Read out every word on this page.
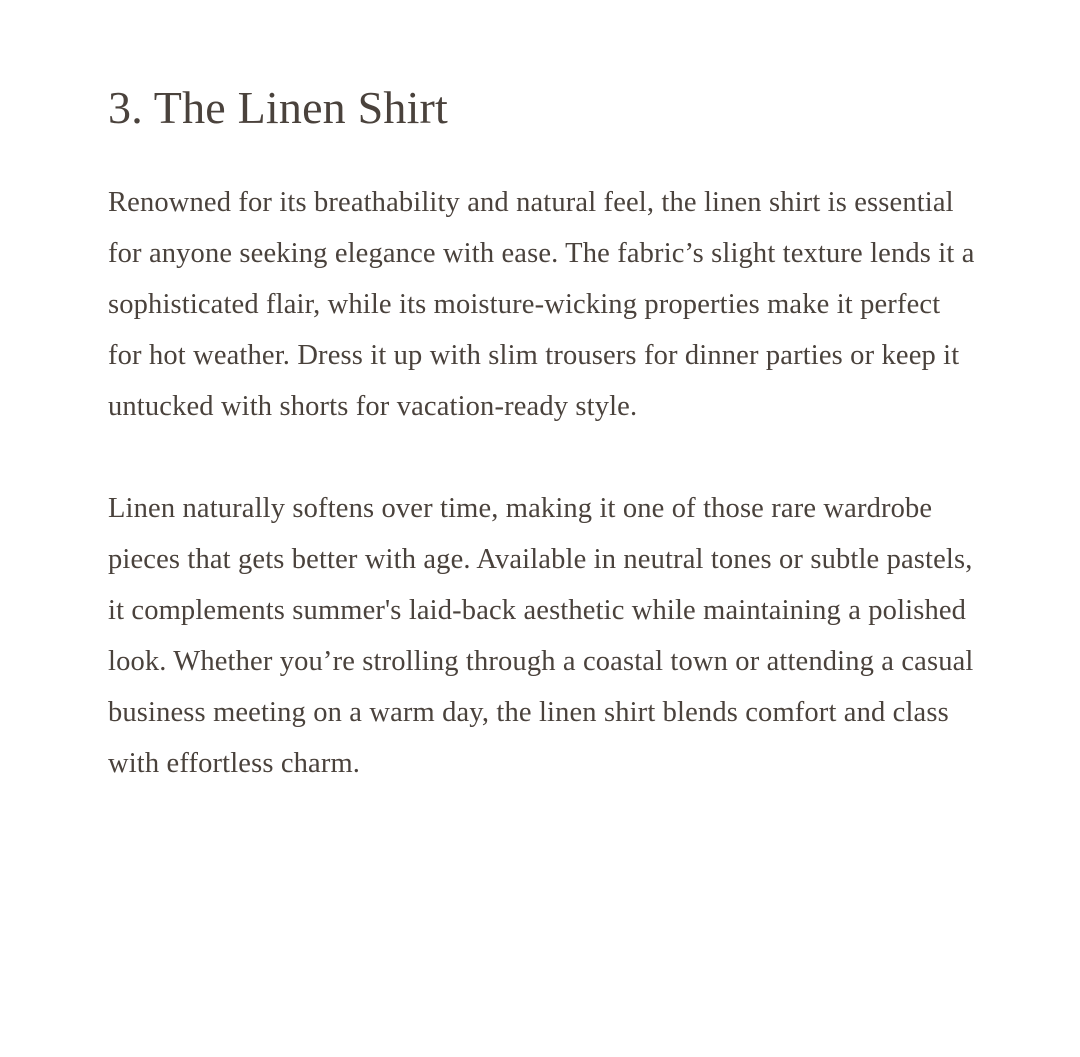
3. The Linen Shirt

Renowned for its breathability and natural feel, the linen shirt is essential for anyone seeking elegance with ease. The fabric’s slight texture lends it a sophisticated flair, while its moisture-wicking properties make it perfect for hot weather. Dress it up with slim trousers for dinner parties or keep it untucked with shorts for vacation-ready style.

Linen naturally softens over time, making it one of those rare wardrobe pieces that gets better with age. Available in neutral tones or subtle pastels, it complements summer's laid-back aesthetic while maintaining a polished look. Whether you’re strolling through a coastal town or attending a casual business meeting on a warm day, the linen shirt blends comfort and class with effortless charm.
